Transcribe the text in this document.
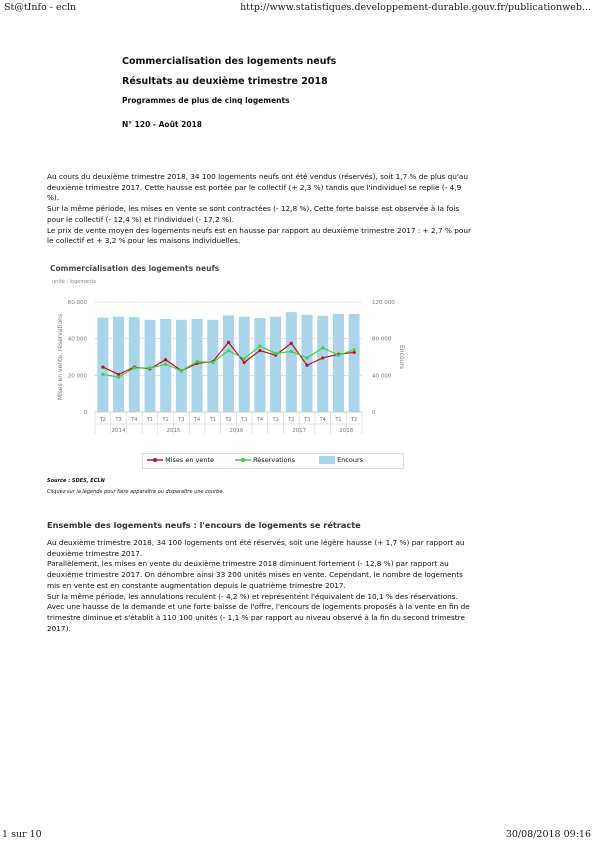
St@tInfo - ecln	http://www.statistiques.developpement-durable.gouv.fr/publicationweb...
1 sur 10	30/08/2018 09:16
Commercialisation des logements neufs
Résultats au deuxième trimestre 2018
Programmes de plus de cinq logements
N° 120 - Août 2018

Au cours du deuxième trimestre 2018, 34 100 logements neufs ont été vendus (réservés), soit 1,7 % de plus qu'au

deuxième trimestre 2017. Cette hausse est portée par le collectif (+ 2,3 %) tandis que l'individuel se replie (- 4,9

%).

Sur la même période, les mises en vente se sont contractées (- 12,8 %). Cette forte baisse est observée à la fois

pour le collectif (- 12,4 %) et l'individuel (- 17,2 %).

Le prix de vente moyen des logements neufs est en hausse par rapport au deuxième trimestre 2017 : + 2,7 % pour

le collectif et + 3,2 % pour les maisons individuelles.

Commercialisation des logements neufs
unité : logements
0	0
20 000	40 000
40 000	80 000
60 000	120 000
Mises en vente, réservations	Encours
T2 T3 T4 T1 T2 T3 T4 T1 T2 T3 T4 T1 T2 T3 T4 T1 T2
2014	2015	2016	2017	2018
Mises en vente	Réservations	Encours
Source : SDES, ECLN
Cliquez sur la légende pour faire apparaître ou disparaître une courbe
Ensemble des logements neufs : l'encours de logements se rétracte

Au deuxième trimestre 2018, 34 100 logements ont été réservés, soit une légère hausse (+ 1,7 %) par rapport au

deuxième trimestre 2017.

Parallèlement, les mises en vente du deuxième trimestre 2018 diminuent fortement (- 12,8 %) par rapport au

deuxième trimestre 2017. On dénombre ainsi 33 200 unités mises en vente. Cependant, le nombre de logements

mis en vente est en constante augmentation depuis le quatrième trimestre 2017.

Sur la même période, les annulations reculent (- 4,2 %) et représentent l'équivalent de 10,1 % des réservations.

Avec une hausse de la demande et une forte baisse de l'offre, l'encours de logements proposés à la vente en fin de

trimestre diminue et s'établit à 110 100 unités (- 1,1 % par rapport au niveau observé à la fin du second trimestre

2017).
